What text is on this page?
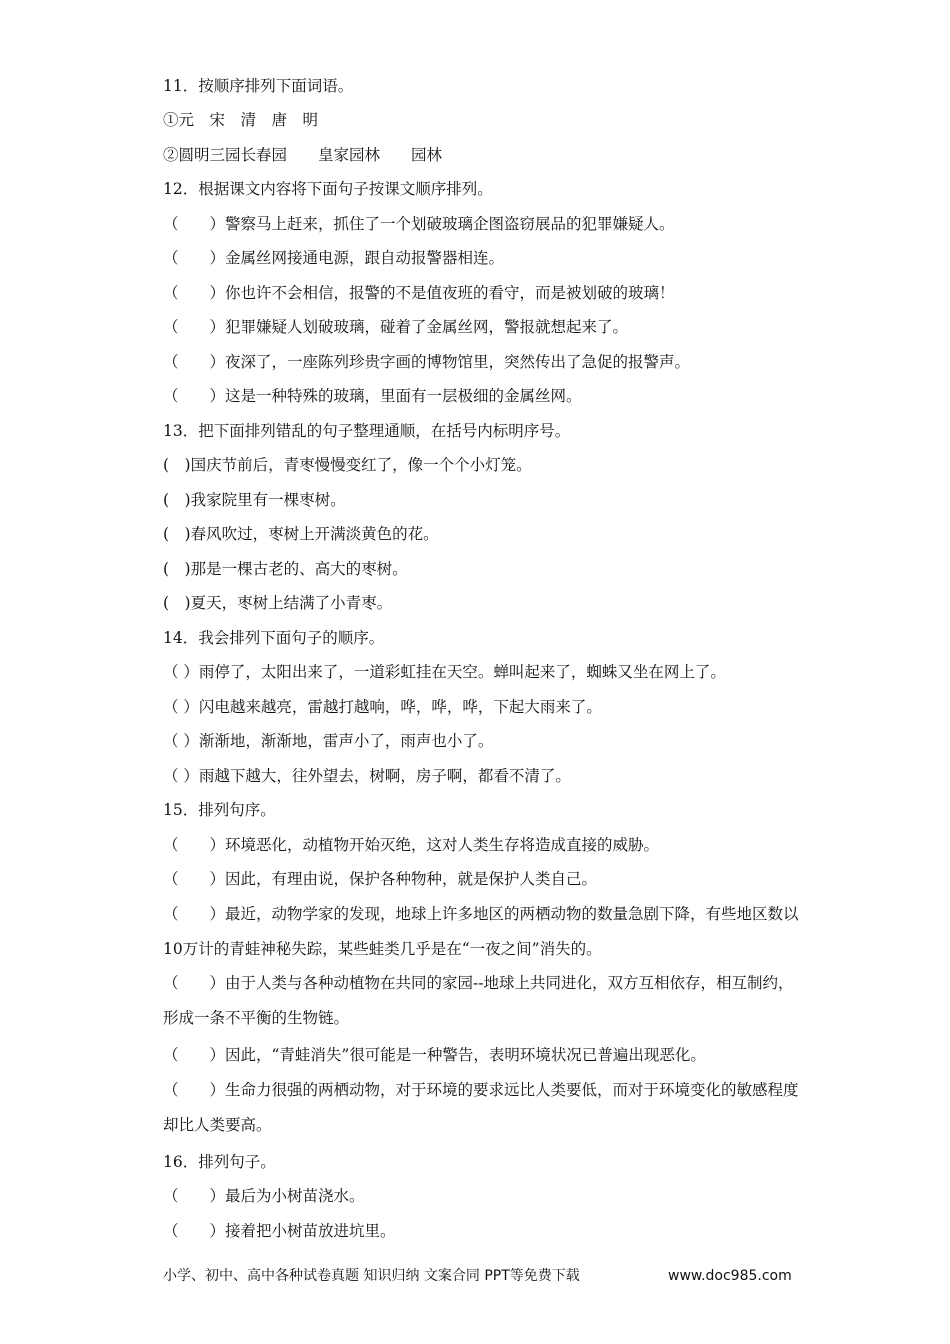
11．按顺序排列下面词语。
①元　宋　清　唐　明
②圆明三园长春园　　皇家园林　　园林
12．根据课文内容将下面句子按课文顺序排列。
（　　）警察马上赶来，抓住了一个划破玻璃企图盗窃展品的犯罪嫌疑人。
（　　）金属丝网接通电源，跟自动报警器相连。
（　　）你也许不会相信，报警的不是值夜班的看守，而是被划破的玻璃！
（　　）犯罪嫌疑人划破玻璃，碰着了金属丝网，警报就想起来了。
（　　）夜深了，一座陈列珍贵字画的博物馆里，突然传出了急促的报警声。
（　　）这是一种特殊的玻璃，里面有一层极细的金属丝网。
13．把下面排列错乱的句子整理通顺，在括号内标明序号。
(　)国庆节前后，青枣慢慢变红了，像一个个小灯笼。
(　)我家院里有一棵枣树。
(　)春风吹过，枣树上开满淡黄色的花。
(　)那是一棵古老的、高大的枣树。
(　)夏天，枣树上结满了小青枣。
14．我会排列下面句子的顺序。
（ ）雨停了，太阳出来了，一道彩虹挂在天空。蝉叫起来了，蜘蛛又坐在网上了。
（ ）闪电越来越亮，雷越打越响，哗，哗，哗，下起大雨来了。
（ ）渐渐地，渐渐地，雷声小了，雨声也小了。
（ ）雨越下越大，往外望去，树啊，房子啊，都看不清了。
15．排列句序。
（　　）环境恶化，动植物开始灭绝，这对人类生存将造成直接的威胁。
（　　）因此，有理由说，保护各种物种，就是保护人类自己。
（　　）最近，动物学家的发现，地球上许多地区的两栖动物的数量急剧下降，有些地区数以10万计的青蛙神秘失踪，某些蛙类几乎是在“一夜之间”消失的。
（　　）由于人类与各种动植物在共同的家园--地球上共同进化，双方互相依存，相互制约，形成一条不平衡的生物链。
（　　）因此，“青蛙消失”很可能是一种警告，表明环境状况已普遍出现恶化。
（　　）生命力很强的两栖动物，对于环境的要求远比人类要低，而对于环境变化的敏感程度却比人类要高。
16．排列句子。
（　　）最后为小树苗浇水。
（　　）接着把小树苗放进坑里。
小学、初中、高中各种试卷真题 知识归纳 文案合同 PPT等免费下载	www.doc985.com
